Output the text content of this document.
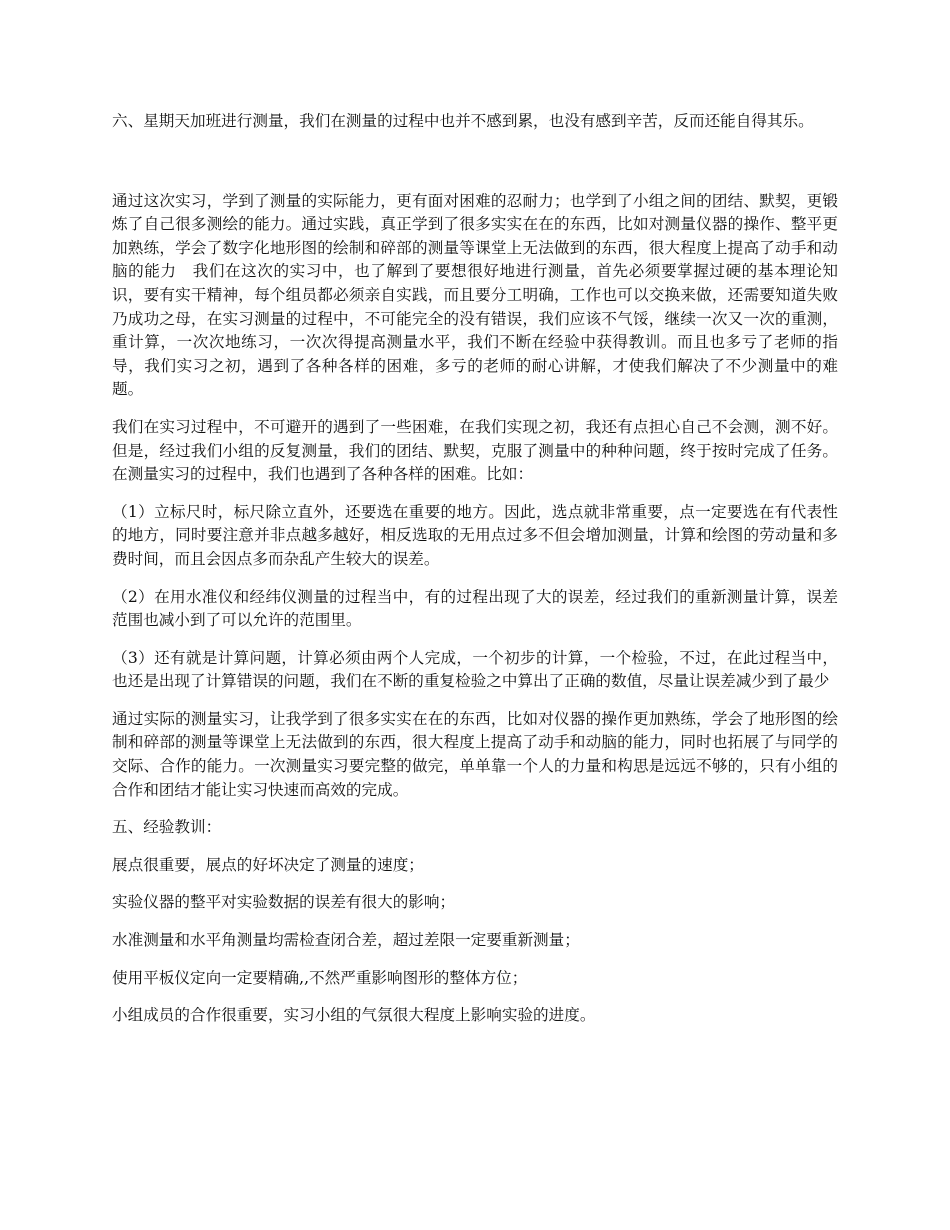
六、星期天加班进行测量，我们在测量的过程中也并不感到累，也没有感到辛苦，反而还能自得其乐。

通过这次实习，学到了测量的实际能力，更有面对困难的忍耐力；也学到了小组之间的团结、默契，更锻炼了自己很多测绘的能力。通过实践，真正学到了很多实实在在的东西，比如对测量仪器的操作、整平更加熟练，学会了数字化地形图的绘制和碎部的测量等课堂上无法做到的东西，很大程度上提高了动手和动脑的能力　我们在这次的实习中，也了解到了要想很好地进行测量，首先必须要掌握过硬的基本理论知识，要有实干精神，每个组员都必须亲自实践，而且要分工明确，工作也可以交换来做，还需要知道失败乃成功之母，在实习测量的过程中，不可能完全的没有错误，我们应该不气馁，继续一次又一次的重测，重计算，一次次地练习，一次次得提高测量水平，我们不断在经验中获得教训。而且也多亏了老师的指导，我们实习之初，遇到了各种各样的困难，多亏的老师的耐心讲解，才使我们解决了不少测量中的难题。

我们在实习过程中，不可避开的遇到了一些困难，在我们实现之初，我还有点担心自己不会测，测不好。但是，经过我们小组的反复测量，我们的团结、默契，克服了测量中的种种问题，终于按时完成了任务。在测量实习的过程中，我们也遇到了各种各样的困难。比如：

（1）立标尺时，标尺除立直外，还要选在重要的地方。因此，选点就非常重要，点一定要选在有代表性的地方，同时要注意并非点越多越好，相反选取的无用点过多不但会增加测量，计算和绘图的劳动量和多费时间，而且会因点多而杂乱产生较大的误差。

（2）在用水准仪和经纬仪测量的过程当中，有的过程出现了大的误差，经过我们的重新测量计算，误差范围也减小到了可以允许的范围里。

（3）还有就是计算问题，计算必须由两个人完成，一个初步的计算，一个检验，不过，在此过程当中，也还是出现了计算错误的问题，我们在不断的重复检验之中算出了正确的数值，尽量让误差减少到了最少

通过实际的测量实习，让我学到了很多实实在在的东西，比如对仪器的操作更加熟练，学会了地形图的绘制和碎部的测量等课堂上无法做到的东西，很大程度上提高了动手和动脑的能力，同时也拓展了与同学的交际、合作的能力。一次测量实习要完整的做完，单单靠一个人的力量和构思是远远不够的，只有小组的合作和团结才能让实习快速而高效的完成。

五、经验教训：

展点很重要，展点的好坏决定了测量的速度；

实验仪器的整平对实验数据的误差有很大的影响；

水准测量和水平角测量均需检查闭合差，超过差限一定要重新测量；

使用平板仪定向一定要精确,,不然严重影响图形的整体方位；

小组成员的合作很重要，实习小组的气氛很大程度上影响实验的进度。
